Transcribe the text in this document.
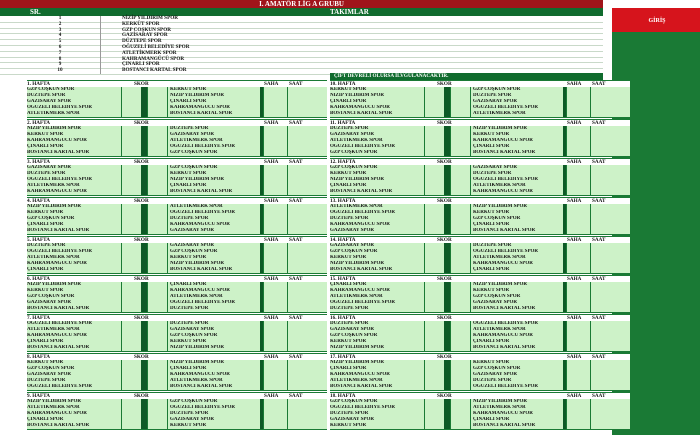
I. AMATÖR LİG A GRUBU
SR.	TAKIMLAR
1	NİZİP YILDIRIM SPOR
2	KERKÜT SPOR
3	GZP COŞKUN SPOR
4	GAZİSARAY SPOR
5	DÜZTEPE SPOR
6	OĞUZELİ BELEDİYE SPOR
7	ATLETİKMERK SPOR
8	KAHRAMANGÜCÜ SPOR
9	ÇINARLI SPOR
10	BOSTANCI KARTAL SPOR
GİRİŞ
ÇİFT DEVRELİ OLURSA İLVGULANACAKTIR.
1. HAFTA	SKOR	SAHA SAAT
GZP COŞKUN SPOR	KERKÜT SPOR
DÜZTEPE SPOR	NİZİP YILDIRIM SPOR
GAZİSARAY SPOR	ÇINARLI SPOR
OĞUZELİ BELEDİYE SPOR	KAHRAMANGÜCÜ SPOR
ATLETİKMERK SPOR	BOSTANCI KARTAL SPOR
10. HAFTA	SKOR	SAHA SAAT
KERKÜT SPOR	GZP COŞKUN SPOR
NİZİP YILDIRIM SPOR	DÜZTEPE SPOR
ÇINARLI SPOR	GAZİSARAY SPOR
KAHRAMANGÜCÜ SPOR	OĞUZELİ BELEDİYE SPOR
BOSTANCI KARTAL SPOR	ATLETİKMERK SPOR
2. HAFTA	SKOR	SAHA SAAT
NİZİP YILDIRIM SPOR	DÜZTEPE SPOR
KERKÜT SPOR	GAZİSARAY SPOR
KAHRAMANGÜCÜ SPOR	ATLETİKMERK SPOR
ÇINARLI SPOR	OĞUZELİ BELEDİYE SPOR
BOSTANCI KARTAL SPOR	GZP COŞKUN SPOR
11. HAFTA	SKOR	SAHA SAAT
DÜZTEPE SPOR	NİZİP YILDIRIM SPOR
GAZİSARAY SPOR	KERKÜT SPOR
ATLETİKMERK SPOR	KAHRAMANGÜCÜ SPOR
OĞUZELİ BELEDİYE SPOR	ÇINARLI SPOR
GZP COŞKUN SPOR	BOSTANCI KARTAL SPOR
3. HAFTA	SKOR	SAHA SAAT
GAZİSARAY SPOR	GZP COŞKUN SPOR
DÜZTEPE SPOR	KERKÜT SPOR
OĞUZELİ BELEDİYE SPOR	NİZİP YILDIRIM SPOR
ATLETİKMERK SPOR	ÇINARLI SPOR
KAHRAMANGÜCÜ SPOR	BOSTANCI KARTAL SPOR
12. HAFTA	SKOR	SAHA SAAT
GZP COŞKUN SPOR	GAZİSARAY SPOR
KERKÜT SPOR	DÜZTEPE SPOR
NİZİP YILDIRIM SPOR	OĞUZELİ BELEDİYE SPOR
ÇINARLI SPOR	ATLETİKMERK SPOR
BOSTANCI KARTAL SPOR	KAHRAMANGÜCÜ SPOR
4. HAFTA	SKOR	SAHA SAAT
NİZİP YILDIRIM SPOR	ATLETİKMERK SPOR
KERKÜT SPOR	OĞUZELİ BELEDİYE SPOR
GZP COŞKUN SPOR	DÜZTEPE SPOR
ÇINARLI SPOR	KAHRAMANGÜCÜ SPOR
BOSTANCI KARTAL SPOR	GAZİSARAY SPOR
13. HAFTA	SKOR	SAHA SAAT
ATLETİKMERK SPOR	NİZİP YILDIRIM SPOR
OĞUZELİ BELEDİYE SPOR	KERKÜT SPOR
DÜZTEPE SPOR	GZP COŞKUN SPOR
KAHRAMANGÜCÜ SPOR	ÇINARLI SPOR
GAZİSARAY SPOR	BOSTANCI KARTAL SPOR
5. HAFTA	SKOR	SAHA SAAT
DÜZTEPE SPOR	GAZİSARAY SPOR
OĞUZELİ BELEDİYE SPOR	GZP COŞKUN SPOR
ATLETİKMERK SPOR	KERKÜT SPOR
KAHRAMANGÜCÜ SPOR	NİZİP YILDIRIM SPOR
ÇINARLI SPOR	BOSTANCI KARTAL SPOR
14. HAFTA	SKOR	SAHA SAAT
GAZİSARAY SPOR	DÜZTEPE SPOR
GZP COŞKUN SPOR	OĞUZELİ BELEDİYE SPOR
KERKÜT SPOR	ATLETİKMERK SPOR
NİZİP YILDIRIM SPOR	KAHRAMANGÜCÜ SPOR
BOSTANCI KARTAL SPOR	ÇINARLI SPOR
6. HAFTA	SKOR	SAHA SAAT
NİZİP YILDIRIM SPOR	ÇINARLI SPOR
KERKÜT SPOR	KAHRAMANGÜCÜ SPOR
GZP COŞKUN SPOR	ATLETİKMERK SPOR
GAZİSARAY SPOR	OĞUZELİ BELEDİYE SPOR
BOSTANCI KARTAL SPOR	DÜZTEPE SPOR
15. HAFTA	SKOR	SAHA SAAT
ÇINARLI SPOR	NİZİP YILDIRIM SPOR
KAHRAMANGÜCÜ SPOR	KERKÜT SPOR
ATLETİKMERK SPOR	GZP COŞKUN SPOR
OĞUZELİ BELEDİYE SPOR	GAZİSARAY SPOR
DÜZTEPE SPOR	BOSTANCI KARTAL SPOR
7. HAFTA	SKOR	SAHA SAAT
OĞUZELİ BELEDİYE SPOR	DÜZTEPE SPOR
ATLETİKMERK SPOR	GAZİSARAY SPOR
KAHRAMANGÜCÜ SPOR	GZP COŞKUN SPOR
ÇINARLI SPOR	KERKÜT SPOR
BOSTANCI KARTAL SPOR	NİZİP YILDIRIM SPOR
16. HAFTA	SKOR	SAHA SAAT
DÜZTEPE SPOR	OĞUZELİ BELEDİYE SPOR
GAZİSARAY SPOR	ATLETİKMERK SPOR
GZP COŞKUN SPOR	KAHRAMANGÜCÜ SPOR
KERKÜT SPOR	ÇINARLI SPOR
NİZİP YILDIRIM SPOR	BOSTANCI KARTAL SPOR
8. HAFTA	SKOR	SAHA SAAT
KERKÜT SPOR	NİZİP YILDIRIM SPOR
GZP COŞKUN SPOR	ÇINARLI SPOR
GAZİSARAY SPOR	KAHRAMANGÜCÜ SPOR
DÜZTEPE SPOR	ATLETİKMERK SPOR
OĞUZELİ BELEDİYE SPOR	BOSTANCI KARTAL SPOR
17. HAFTA	SKOR	SAHA SAAT
NİZİP YILDIRIM SPOR	KERKÜT SPOR
ÇINARLI SPOR	GZP COŞKUN SPOR
KAHRAMANGÜCÜ SPOR	GAZİSARAY SPOR
ATLETİKMERK SPOR	DÜZTEPE SPOR
BOSTANCI KARTAL SPOR	OĞUZELİ BELEDİYE SPOR
9. HAFTA	SKOR	SAHA SAAT
NİZİP YILDIRIM SPOR	GZP COŞKUN SPOR
ATLETİKMERK SPOR	OĞUZELİ BELEDİYE SPOR
KAHRAMANGÜCÜ SPOR	DÜZTEPE SPOR
ÇINARLI SPOR	GAZİSARAY SPOR
BOSTANCI KARTAL SPOR	KERKÜT SPOR
18. HAFTA	SKOR	SAHA SAAT
GZP COŞKUN SPOR	NİZİP YILDIRIM SPOR
OĞUZELİ BELEDİYE SPOR	ATLETİKMERK SPOR
DÜZTEPE SPOR	KAHRAMANGÜCÜ SPOR
GAZİSARAY SPOR	ÇINARLI SPOR
KERKÜT SPOR	BOSTANCI KARTAL SPOR
